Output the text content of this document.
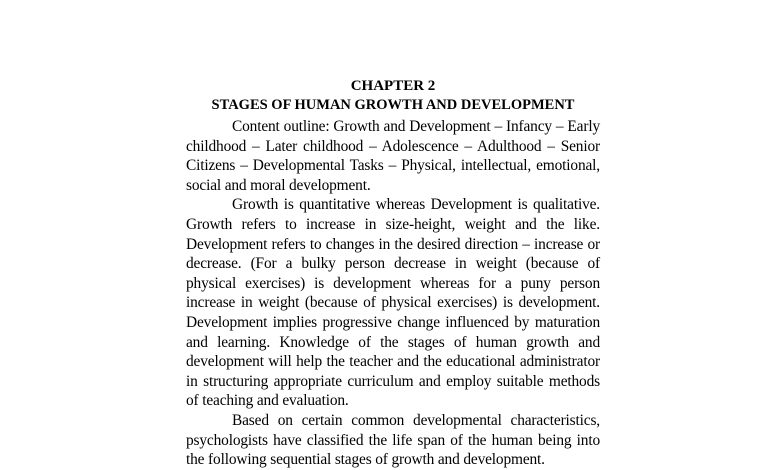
CHAPTER 2
STAGES OF HUMAN GROWTH AND DEVELOPMENT

Content outline: Growth and Development – Infancy – Early childhood – Later childhood – Adolescence – Adulthood – Senior Citizens – Developmental Tasks – Physical, intellectual, emotional, social and moral development.

Growth is quantitative whereas Development is qualitative. Growth refers to increase in size-height, weight and the like. Development refers to changes in the desired direction – increase or decrease. (For a bulky person decrease in weight (because of physical exercises) is development whereas for a puny person increase in weight (because of physical exercises) is development. Development implies progressive change influenced by maturation and learning. Knowledge of the stages of human growth and development will help the teacher and the educational administrator in structuring appropriate curriculum and employ suitable methods of teaching and evaluation.

Based on certain common developmental characteristics, psychologists have classified the life span of the human being into the following sequential stages of growth and development.
